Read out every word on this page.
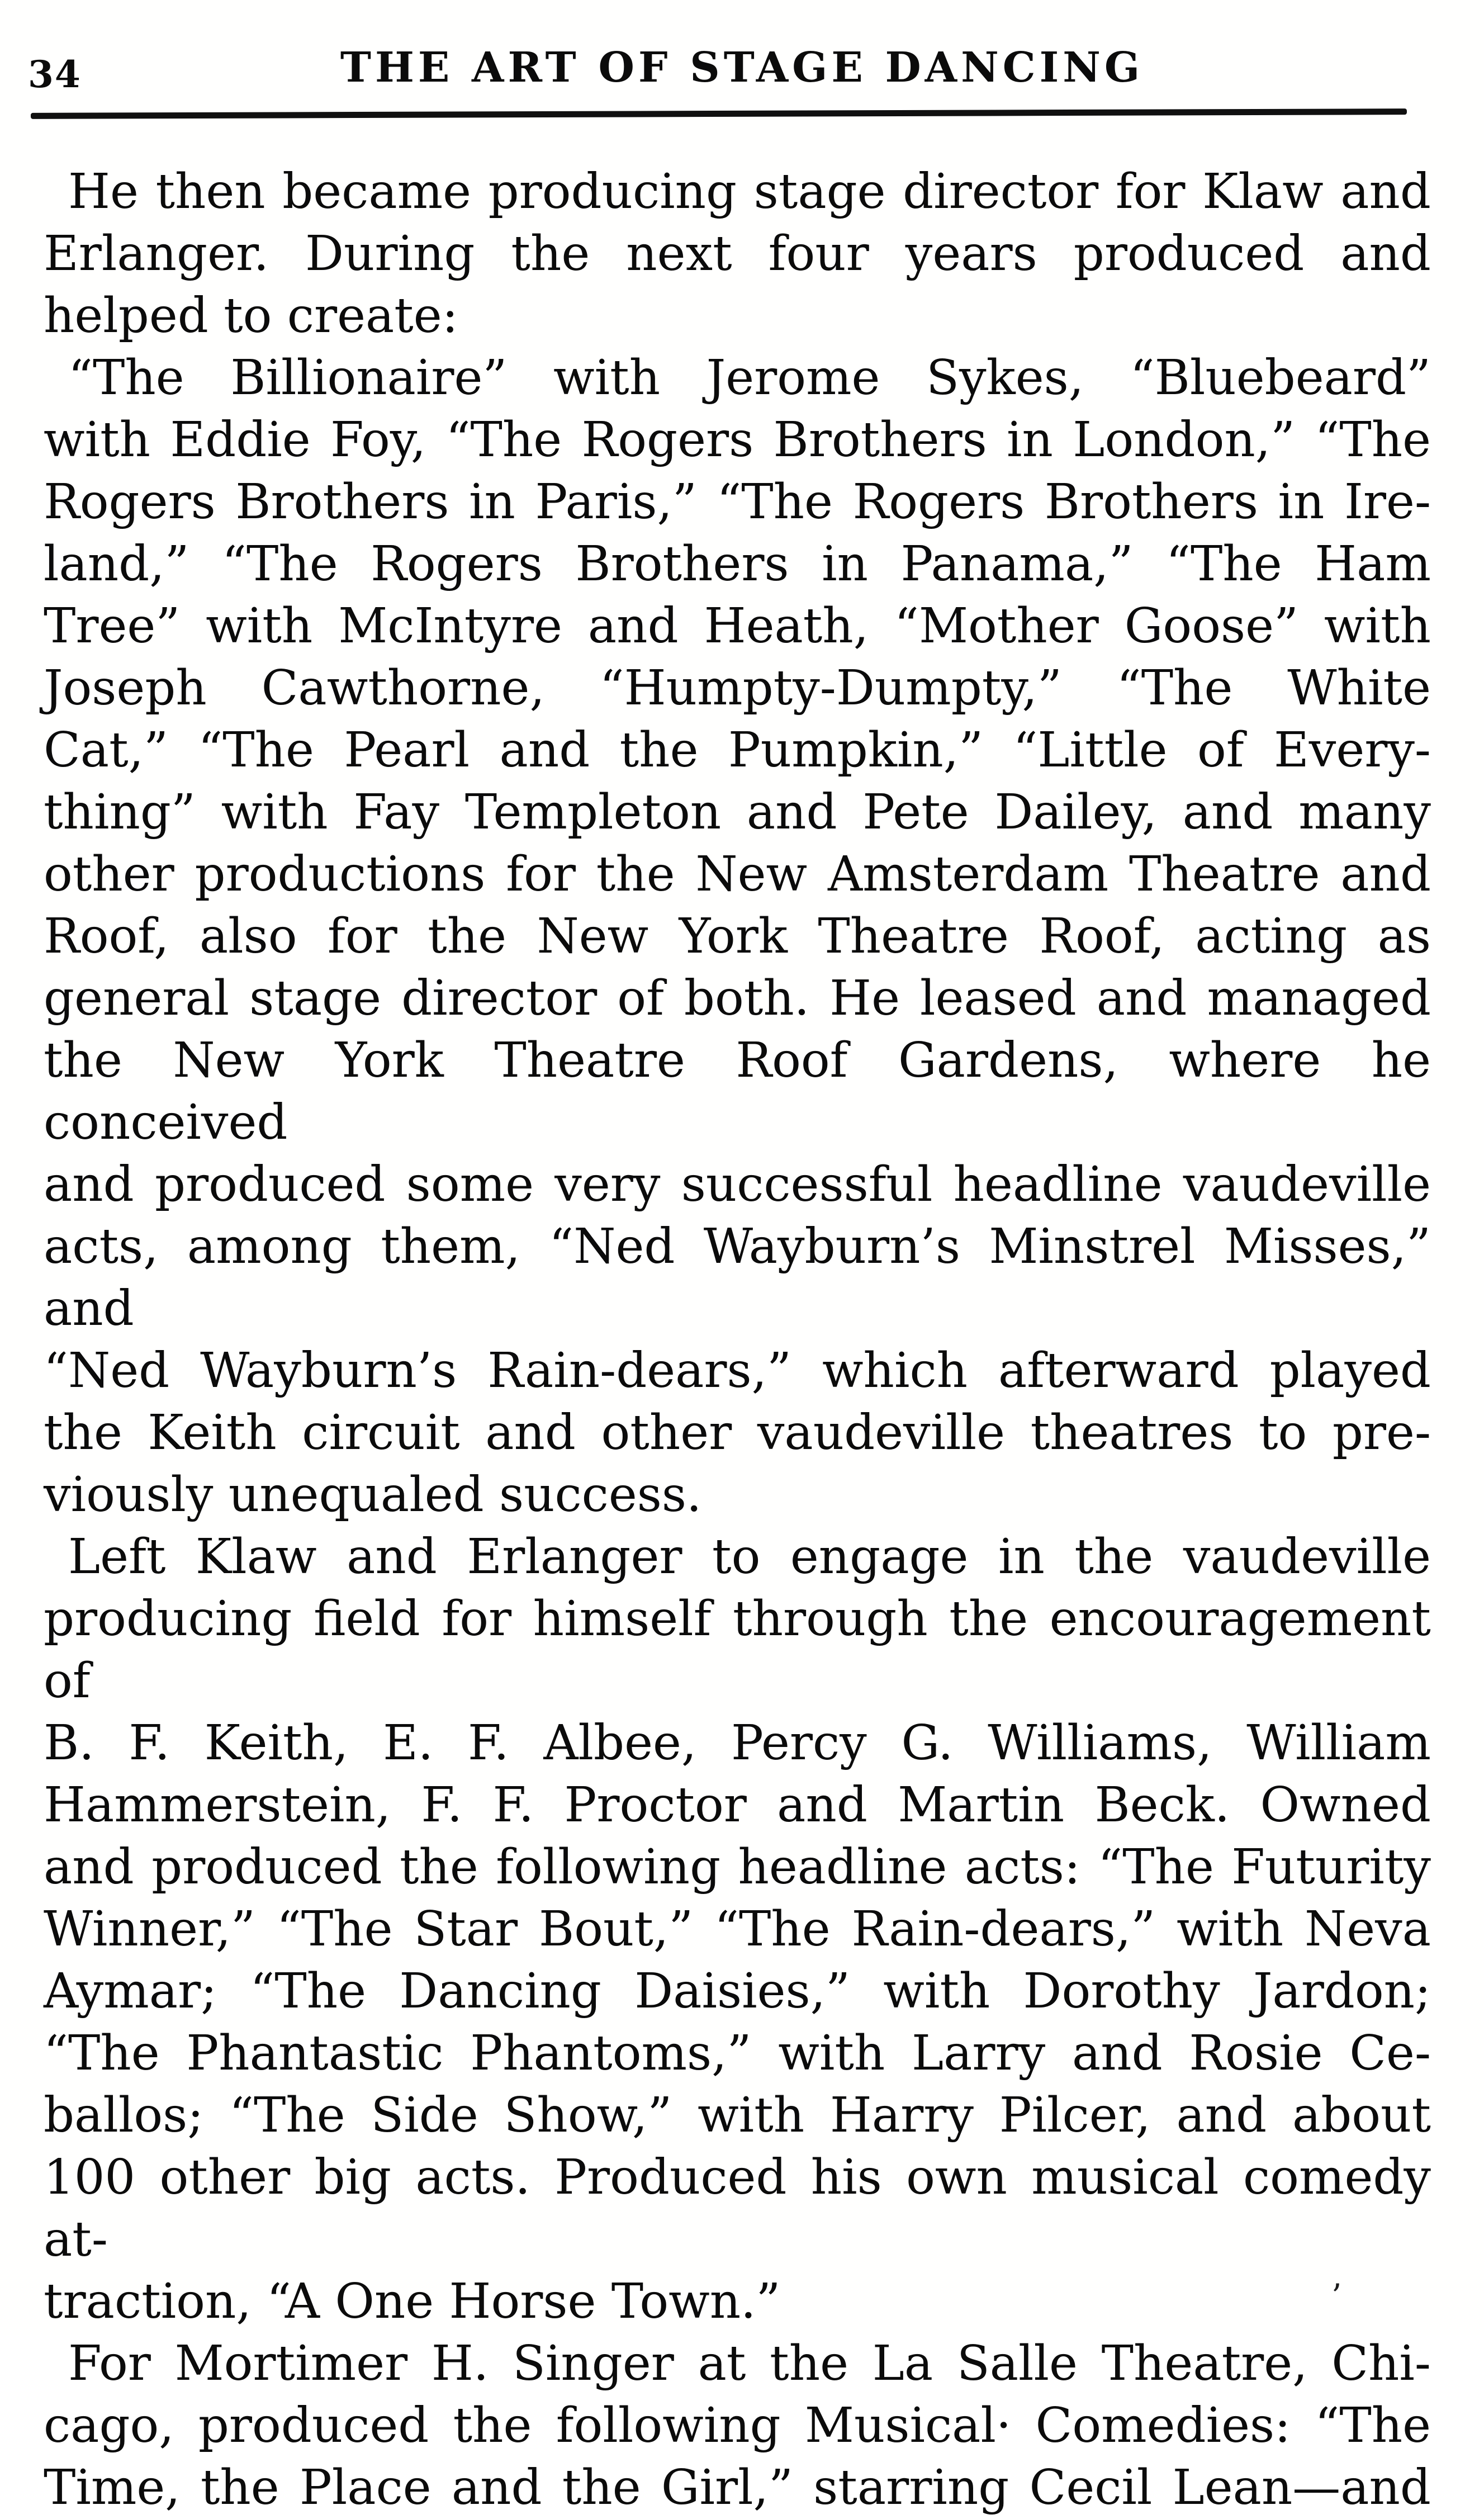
34	THE ART OF STAGE DANCING
He then became producing stage director for Klaw and
Erlanger. During the next four years produced and
helped to create:
“The Billionaire” with Jerome Sykes, “Bluebeard”
with Eddie Foy, “The Rogers Brothers in London,” “The
Rogers Brothers in Paris,” “The Rogers Brothers in Ire-
land,” “The Rogers Brothers in Panama,” “The Ham
Tree” with McIntyre and Heath, “Mother Goose” with
Joseph Cawthorne, “Humpty-Dumpty,” “The White
Cat,” “The Pearl and the Pumpkin,” “Little of Every-
thing” with Fay Templeton and Pete Dailey, and many
other productions for the New Amsterdam Theatre and
Roof, also for the New York Theatre Roof, acting as
general stage director of both. He leased and managed
the New York Theatre Roof Gardens, where he conceived
and produced some very successful headline vaudeville
acts, among them, “Ned Wayburn’s Minstrel Misses,” and
“Ned Wayburn’s Rain-dears,” which afterward played
the Keith circuit and other vaudeville theatres to pre-
viously unequaled success.
Left Klaw and Erlanger to engage in the vaudeville
producing field for himself through the encouragement of
B. F. Keith, E. F. Albee, Percy G. Williams, William
Hammerstein, F. F. Proctor and Martin Beck. Owned
and produced the following headline acts: “The Futurity
Winner,” “The Star Bout,” “The Rain-dears,” with Neva
Aymar; “The Dancing Daisies,” with Dorothy Jardon;
“The Phantastic Phantoms,” with Larry and Rosie Ce-
ballos; “The Side Show,” with Harry Pilcer, and about
100 other big acts. Produced his own musical comedy at-
traction, “A One Horse Town.”
For Mortimer H. Singer at the La Salle Theatre, Chi-
cago, produced the following Musical· Comedies: “The
Time, the Place and the Girl,” starring Cecil Lean—and
’
